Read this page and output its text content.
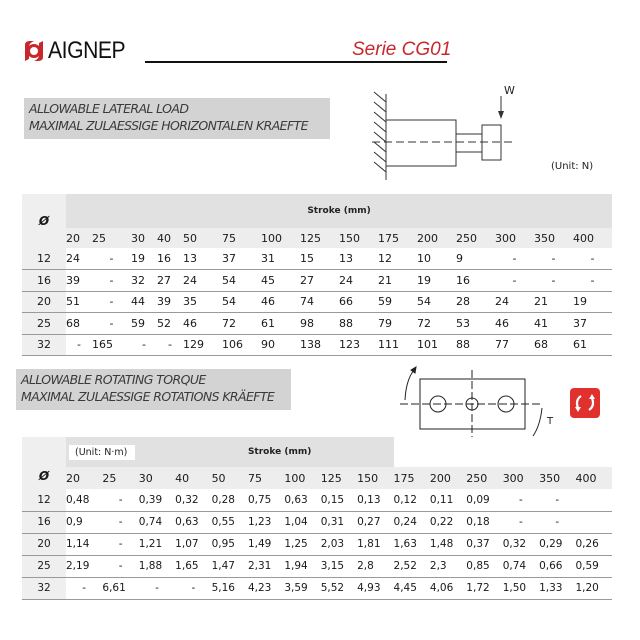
AIGNEP	Serie CG01
ALLOWABLE LATERAL LOAD
MAXIMAL ZULAESSIGE HORIZONTALEN KRAEFTE
W
(Unit: N)
Ø	Stroke (mm)														
	20	25	30	40	50	75	100	125	150	175	200	250	300	350	400
12	24	-	19	16	13	37	31	15	13	12	10	9	-	-	-
16	39	-	32	27	24	54	45	27	24	21	19	16	-	-	-
20	51	-	44	39	35	54	46	74	66	59	54	28	24	21	19
25	68	-	59	52	46	72	61	98	88	79	72	53	46	41	37
32	-	165	-	-	129	106	90	138	123	111	101	88	77	68	61
ALLOWABLE ROTATING TORQUE
MAXIMAL ZULAESSIGE ROTATIONS KRÄEFTE
T
Ø	(Unit: N·m)					Stroke (mm)									
	20	25	30	40	50	75	100	125	150	175	200	250	300	350	400
12	0,48	-	0,39	0,32	0,28	0,75	0,63	0,15	0,13	0,12	0,11	0,09	-	-	
16	0,9	-	0,74	0,63	0,55	1,23	1,04	0,31	0,27	0,24	0,22	0,18	-	-	
20	1,14	-	1,21	1,07	0,95	1,49	1,25	2,03	1,81	1,63	1,48	0,37	0,32	0,29	0,26
25	2,19	-	1,88	1,65	1,47	2,31	1,94	3,15	2,8	2,52	2,3	0,85	0,74	0,66	0,59
32	-	6,61	-	-	5,16	4,23	3,59	5,52	4,93	4,45	4,06	1,72	1,50	1,33	1,20
